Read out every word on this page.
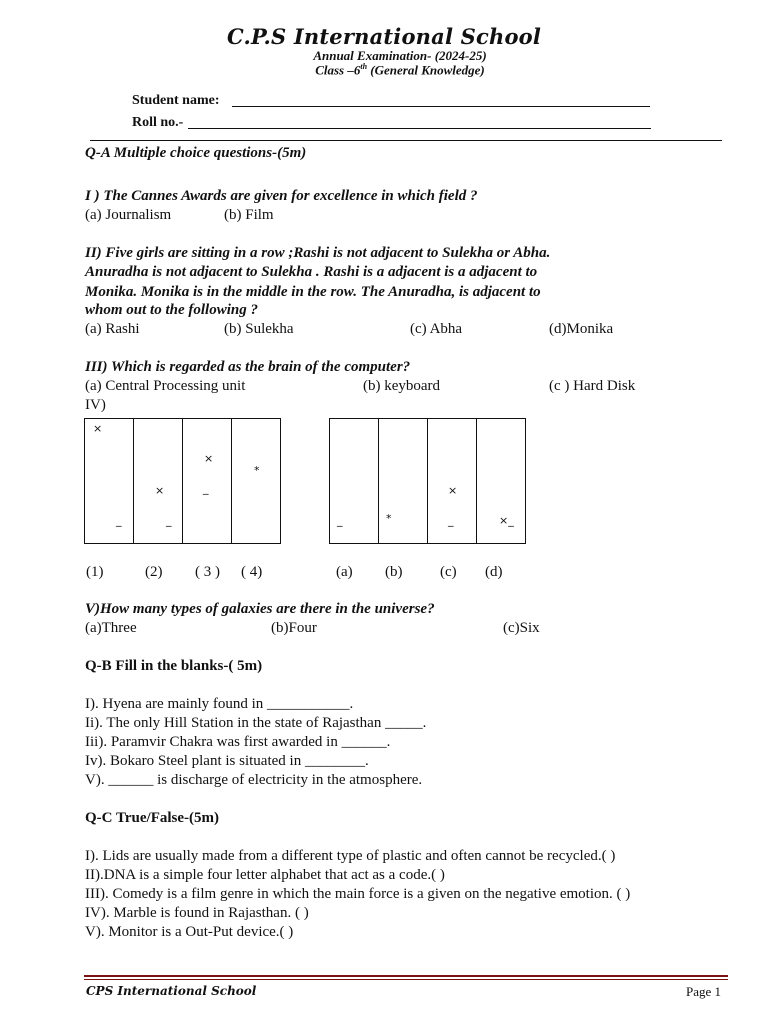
C.P.S International School
Annual Examination- (2024-25)
Class –6th (General Knowledge)
Student name:
Roll no.-
Q-A Multiple choice questions-(5m)
I ) The Cannes Awards are given for excellence in which field ?
(a) Journalism	(b) Film
II) Five girls are sitting in a row ;Rashi is not adjacent to Sulekha or Abha.
Anuradha is not adjacent to Sulekha . Rashi is a adjacent is a adjacent to
Monika. Monika is in the middle in the row. The Anuradha, is adjacent to
whom out to the following ?
(a) Rashi	(b) Sulekha	(c) Abha	(d)Monika
III) Which is regarded as the brain of the computer?
(a) Central Processing unit	(b) keyboard	(c ) Hard Disk
IV)
×
_
×
_
×
_
*
_	*
×
_	×_
(1)	(2) ( 3 ) ( 4)	(a) (b)	(c) (d)
V)How many types of galaxies are there in the universe?
(a)Three	(b)Four	(c)Six
Q-B Fill in the blanks-( 5m)
I). Hyena are mainly found in ___________.
Ii). The only Hill Station in the state of Rajasthan _____.
Iii). Paramvir Chakra was first awarded in ______.
Iv). Bokaro Steel plant is situated in ________.
V). ______ is discharge of electricity in the atmosphere.
Q-C True/False-(5m)
I). Lids are usually made from a different type of plastic and often cannot be recycled.( )
II).DNA is a simple four letter alphabet that act as a code.( )
III). Comedy is a film genre in which the main force is a given on the negative emotion. ( )
IV). Marble is found in Rajasthan. ( )
V). Monitor is a Out-Put device.( )
CPS International School	Page 1
